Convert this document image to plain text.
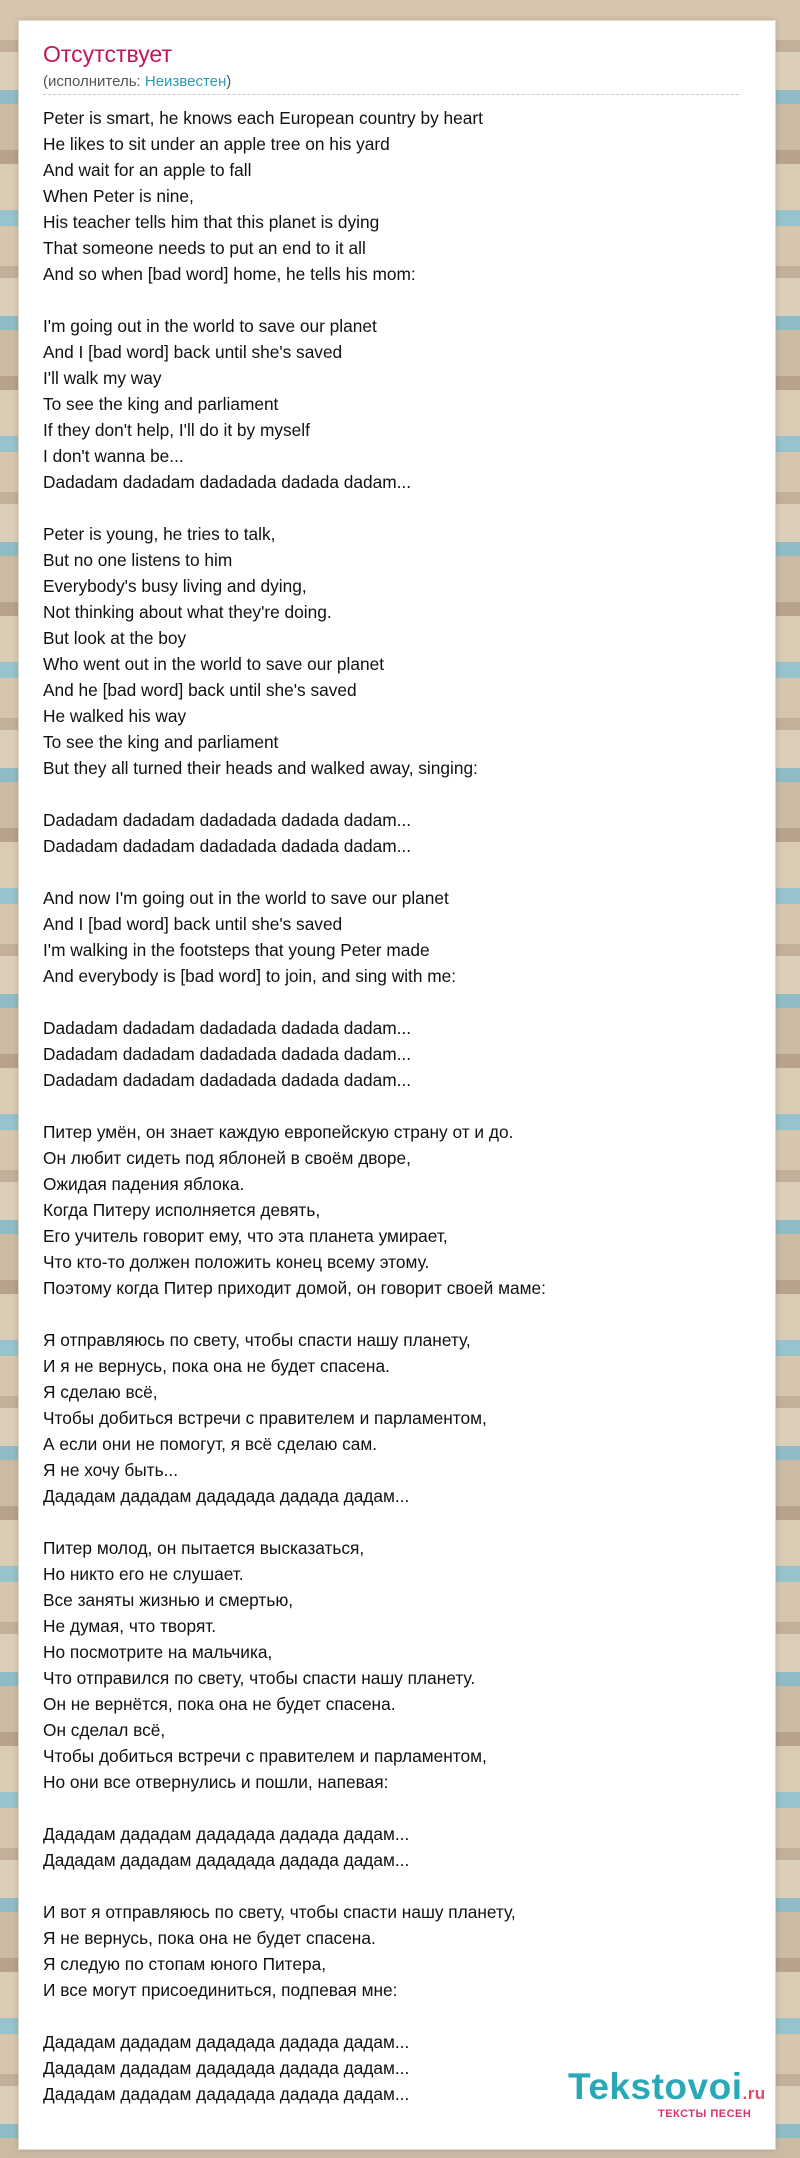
Отсутствует
(исполнитель: Неизвестен)
Peter is smart, he knows each European country by heart
He likes to sit under an apple tree on his yard
And wait for an apple to fall
When Peter is nine,
His teacher tells him that this planet is dying
That someone needs to put an end to it all
And so when [bad word] home, he tells his mom:

I'm going out in the world to save our planet
And I [bad word] back until she's saved
I'll walk my way
To see the king and parliament
If they don't help, I'll do it by myself
I don't wanna be...
Dadadam dadadam dadadada dadada dadam...

Peter is young, he tries to talk,
But no one listens to him
Everybody's busy living and dying,
Not thinking about what they're doing.
But look at the boy
Who went out in the world to save our planet
And he [bad word] back until she's saved
He walked his way
To see the king and parliament
But they all turned their heads and walked away, singing:

Dadadam dadadam dadadada dadada dadam...
Dadadam dadadam dadadada dadada dadam...

And now I'm going out in the world to save our planet
And I [bad word] back until she's saved
I'm walking in the footsteps that young Peter made
And everybody is [bad word] to join, and sing with me:

Dadadam dadadam dadadada dadada dadam...
Dadadam dadadam dadadada dadada dadam...
Dadadam dadadam dadadada dadada dadam...

Питер умён, он знает каждую европейскую страну от и до.
Он любит сидеть под яблоней в своём дворе,
Ожидая падения яблока.
Когда Питеру исполняется девять,
Его учитель говорит ему, что эта планета умирает,
Что кто-то должен положить конец всему этому.
Поэтому когда Питер приходит домой, он говорит своей маме:

Я отправляюсь по свету, чтобы спасти нашу планету,
И я не вернусь, пока она не будет спасена.
Я сделаю всё,
Чтобы добиться встречи с правителем и парламентом,
А если они не помогут, я всё сделаю сам.
Я не хочу быть...
Дададам дададам дададада дадада дадам...

Питер молод, он пытается высказаться,
Но никто его не слушает.
Все заняты жизнью и смертью,
Не думая, что творят.
Но посмотрите на мальчика,
Что отправился по свету, чтобы спасти нашу планету.
Он не вернётся, пока она не будет спасена.
Он сделал всё,
Чтобы добиться встречи с правителем и парламентом,
Но они все отвернулись и пошли, напевая:

Дададам дададам дададада дадада дадам...
Дададам дададам дададада дадада дадам...

И вот я отправляюсь по свету, чтобы спасти нашу планету,
Я не вернусь, пока она не будет спасена.
Я следую по стопам юного Питера,
И все могут присоединиться, подпевая мне:

Дададам дададам дададада дадада дадам...
Дададам дададам дададада дадада дадам...
Дададам дададам дададада дадада дадам...	Tekstovoi.ru
ТЕКСТЫ ПЕСЕН
